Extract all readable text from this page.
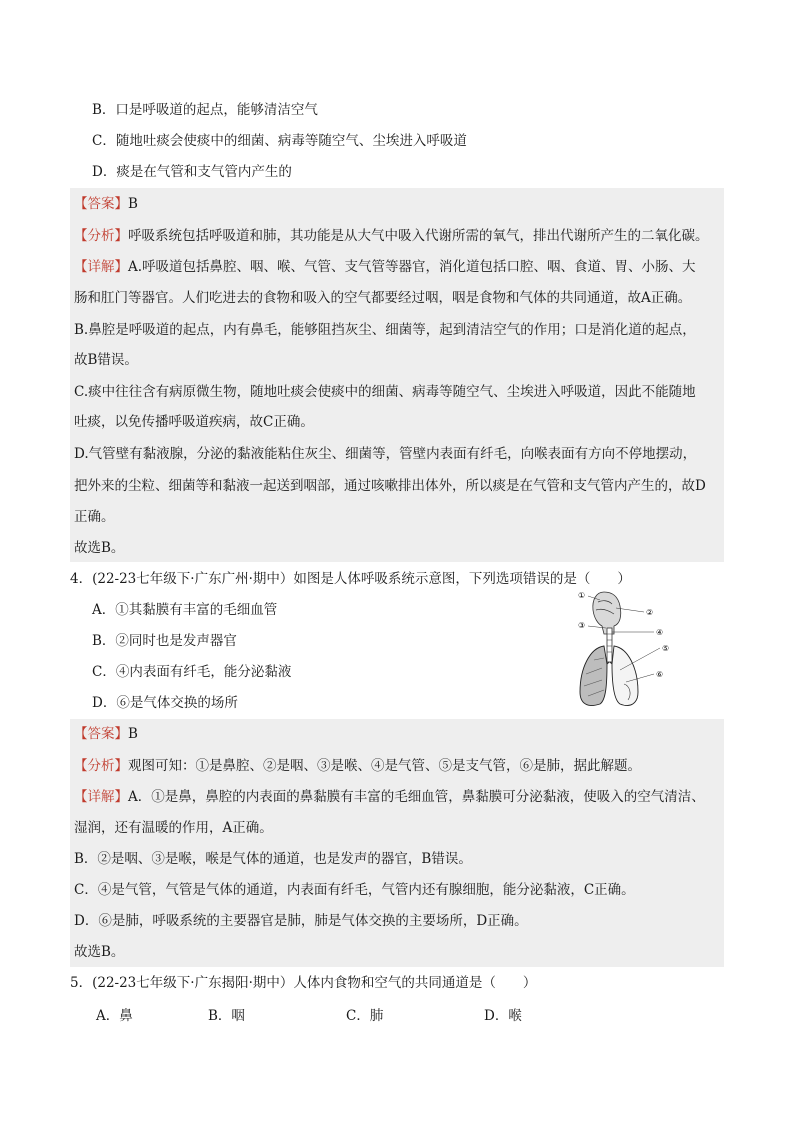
B．口是呼吸道的起点，能够清洁空气
C．随地吐痰会使痰中的细菌、病毒等随空气、尘埃进入呼吸道
D．痰是在气管和支气管内产生的
【答案】B
【分析】呼吸系统包括呼吸道和肺，其功能是从大气中吸入代谢所需的氧气，排出代谢所产生的二氧化碳。
【详解】A.呼吸道包括鼻腔、咽、喉、气管、支气管等器官，消化道包括口腔、咽、食道、胃、小肠、大
肠和肛门等器官。人们吃进去的食物和吸入的空气都要经过咽，咽是食物和气体的共同通道，故A正确。
B.鼻腔是呼吸道的起点，内有鼻毛，能够阻挡灰尘、细菌等，起到清洁空气的作用；口是消化道的起点，
故B错误。
C.痰中往往含有病原微生物，随地吐痰会使痰中的细菌、病毒等随空气、尘埃进入呼吸道，因此不能随地
吐痰，以免传播呼吸道疾病，故C正确。
D.气管壁有黏液腺，分泌的黏液能粘住灰尘、细菌等，管壁内表面有纤毛，向喉表面有方向不停地摆动，
把外来的尘粒、细菌等和黏液一起送到咽部，通过咳嗽排出体外，所以痰是在气管和支气管内产生的，故D
正确。
故选B。
4．(22-23七年级下·广东广州·期中）如图是人体呼吸系统示意图，下列选项错误的是（　　）
A．①其黏膜有丰富的毛细血管
B．②同时也是发声器官
C．④内表面有纤毛，能分泌黏液
D．⑥是气体交换的场所
①
②
③
④
⑤
⑥
【答案】B
【分析】观图可知：①是鼻腔、②是咽、③是喉、④是气管、⑤是支气管，⑥是肺，据此解题。
【详解】A．①是鼻，鼻腔的内表面的鼻黏膜有丰富的毛细血管，鼻黏膜可分泌黏液，使吸入的空气清洁、
湿润，还有温暖的作用，A正确。
B．②是咽、③是喉，喉是气体的通道，也是发声的器官，B错误。
C．④是气管，气管是气体的通道，内表面有纤毛，气管内还有腺细胞，能分泌黏液，C正确。
D．⑥是肺，呼吸系统的主要器官是肺，肺是气体交换的主要场所，D正确。
故选B。
5．(22-23七年级下·广东揭阳·期中）人体内食物和空气的共同通道是（　　）
A．鼻	B．咽	C．肺	D．喉
